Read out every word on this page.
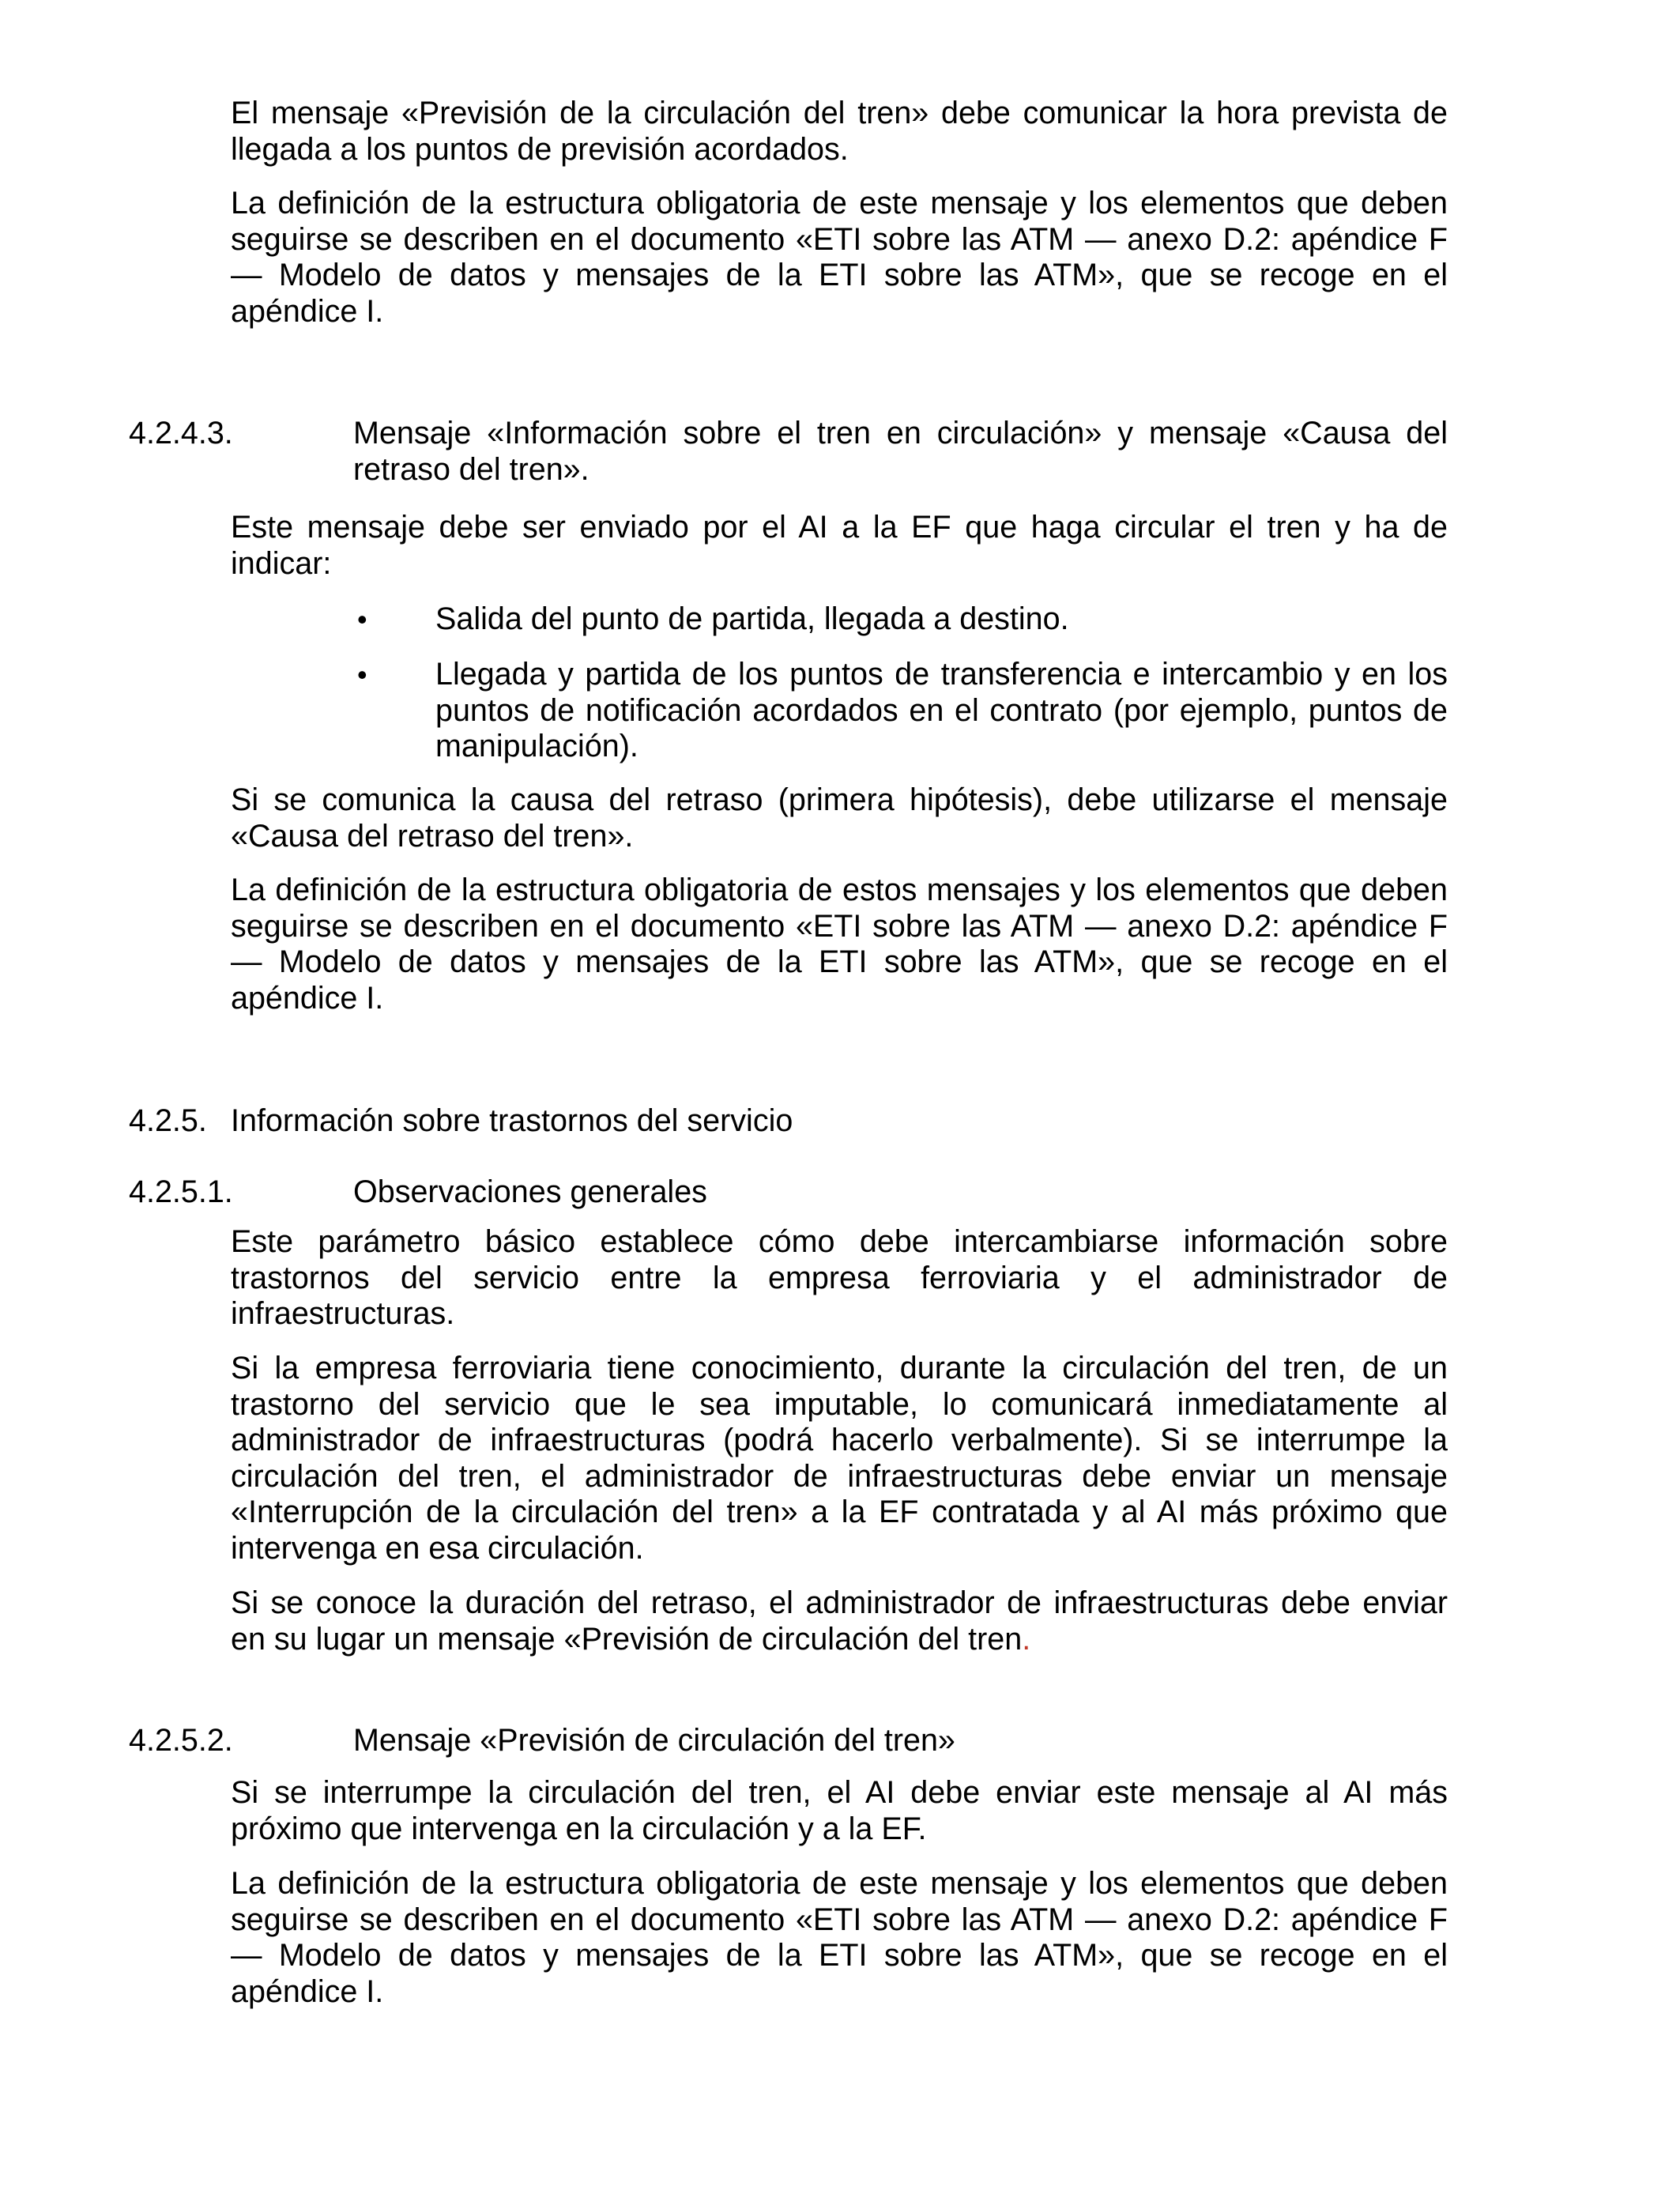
El mensaje «Previsión de la circulación del tren» debe comunicar la hora prevista de
llegada a los puntos de previsión acordados.
La definición de la estructura obligatoria de este mensaje y los elementos que deben
seguirse se describen en el documento «ETI sobre las ATM — anexo D.2: apéndice F
— Modelo de datos y mensajes de la ETI sobre las ATM», que se recoge en el
apéndice I.
4.2.4.3.	Mensaje «Información sobre el tren en circulación» y mensaje «Causa del
retraso del tren».
Este mensaje debe ser enviado por el AI a la EF que haga circular el tren y ha de
indicar:
• Salida del punto de partida, llegada a destino.
• Llegada y partida de los puntos de transferencia e intercambio y en los
puntos de notificación acordados en el contrato (por ejemplo, puntos de
manipulación).
Si se comunica la causa del retraso (primera hipótesis), debe utilizarse el mensaje
«Causa del retraso del tren».
La definición de la estructura obligatoria de estos mensajes y los elementos que deben
seguirse se describen en el documento «ETI sobre las ATM — anexo D.2: apéndice F
— Modelo de datos y mensajes de la ETI sobre las ATM», que se recoge en el
apéndice I.
4.2.5. Información sobre trastornos del servicio
4.2.5.1.	Observaciones generales
Este parámetro básico establece cómo debe intercambiarse información sobre
trastornos del servicio entre la empresa ferroviaria y el administrador de
infraestructuras.
Si la empresa ferroviaria tiene conocimiento, durante la circulación del tren, de un
trastorno del servicio que le sea imputable, lo comunicará inmediatamente al
administrador de infraestructuras (podrá hacerlo verbalmente). Si se interrumpe la
circulación del tren, el administrador de infraestructuras debe enviar un mensaje
«Interrupción de la circulación del tren» a la EF contratada y al AI más próximo que
intervenga en esa circulación.
Si se conoce la duración del retraso, el administrador de infraestructuras debe enviar
en su lugar un mensaje «Previsión de circulación del tren.
4.2.5.2.	Mensaje «Previsión de circulación del tren»
Si se interrumpe la circulación del tren, el AI debe enviar este mensaje al AI más
próximo que intervenga en la circulación y a la EF.
La definición de la estructura obligatoria de este mensaje y los elementos que deben
seguirse se describen en el documento «ETI sobre las ATM — anexo D.2: apéndice F
— Modelo de datos y mensajes de la ETI sobre las ATM», que se recoge en el
apéndice I.
